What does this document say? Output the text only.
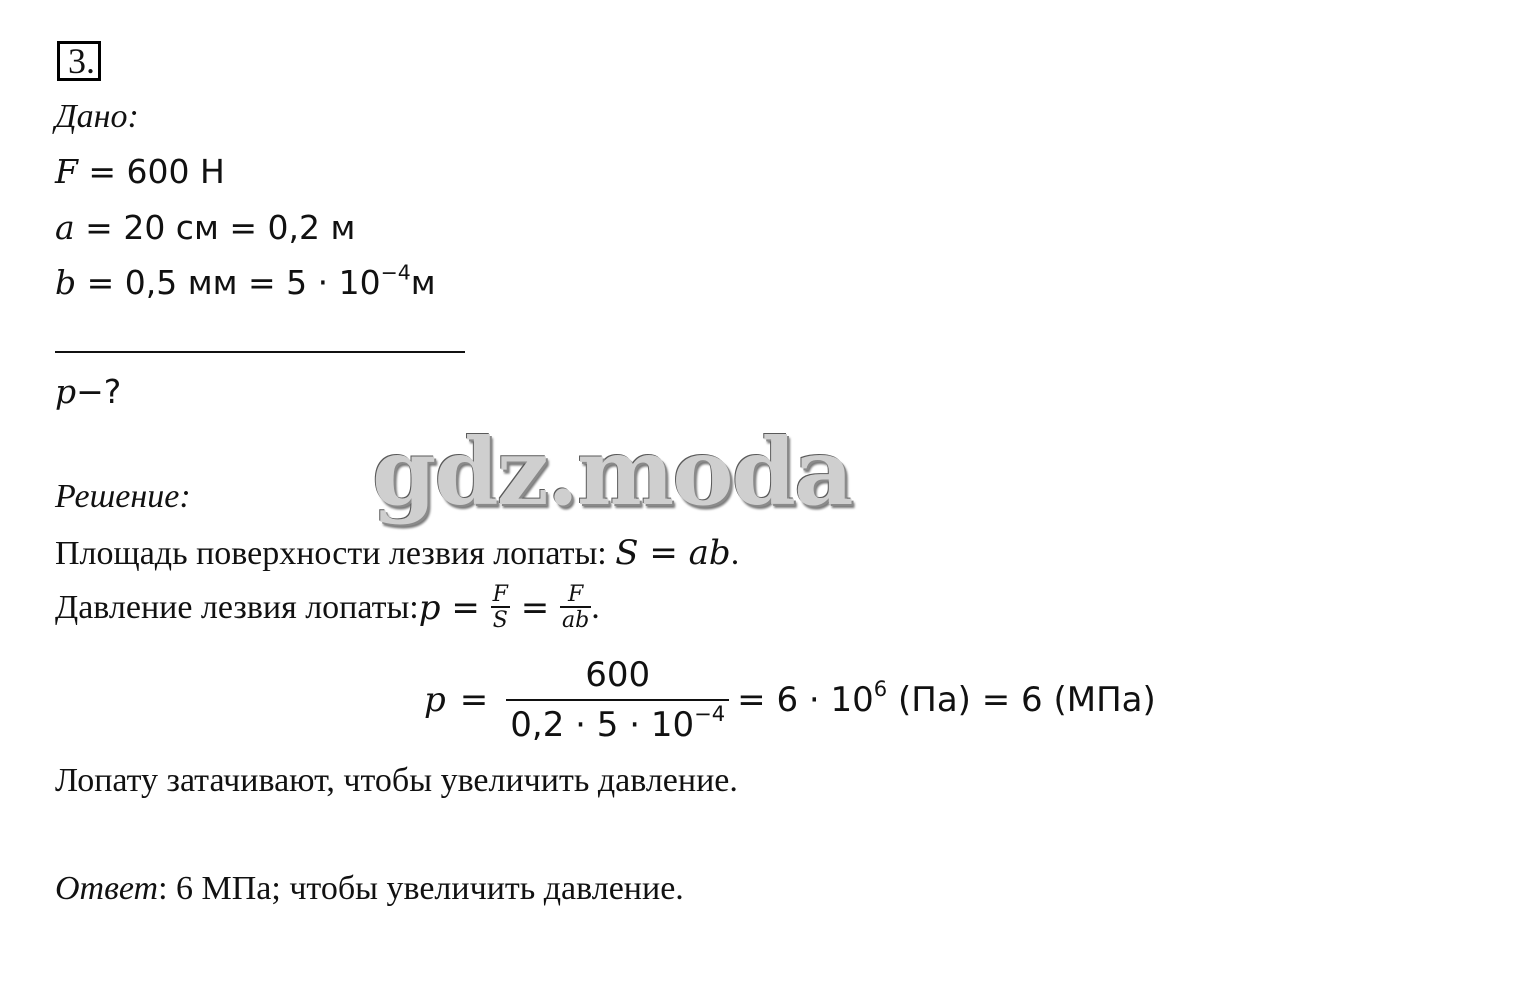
3.
Дано:
F = 600 Н
a = 20 см = 0,2 м
b = 0,5 мм = $5 \cdot 10^{-4}м$
p−?
gdz.moda
Решение:
Площадь поверхности лезвия лопаты: S = ab.
Давление лезвия лопаты: $p = \frac{F}{S} = \frac{F}{ab}$ .
$p = \frac{600}{0,2 \cdot 5 \cdot 10^{-4}} = 6 \cdot 10^6$ (Па) = 6 (МПа)
Лопату затачивают, чтобы увеличить давление.
Ответ: 6 МПа; чтобы увеличить давление.
